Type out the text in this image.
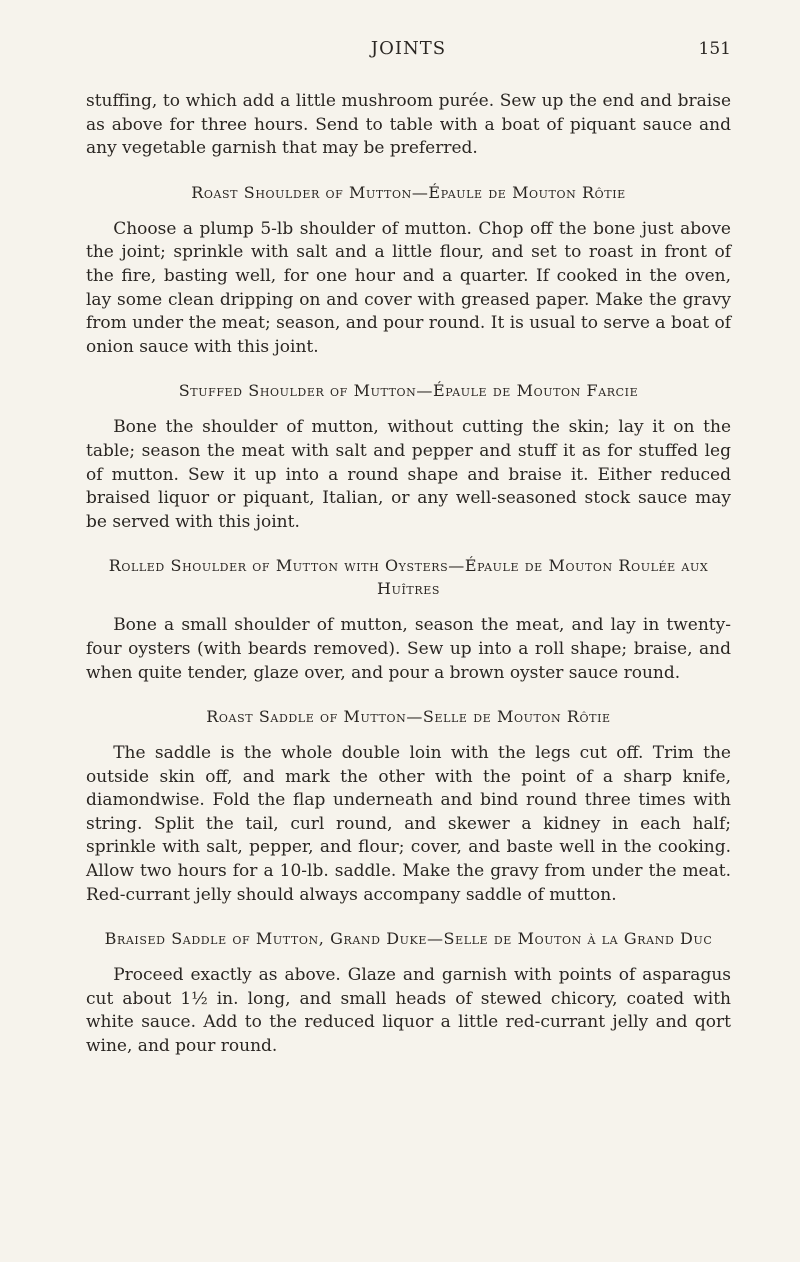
JOINTS	151

stuffing, to which add a little mushroom purée. Sew up the end and braise as above for three hours. Send to table with a boat of piquant sauce and any vegetable garnish that may be preferred.

Roast Shoulder of Mutton—Épaule de Mouton Rôtie

Choose a plump 5-lb shoulder of mutton. Chop off the bone just above the joint; sprinkle with salt and a little flour, and set to roast in front of the fire, basting well, for one hour and a quarter. If cooked in the oven, lay some clean dripping on and cover with greased paper. Make the gravy from under the meat; season, and pour round. It is usual to serve a boat of onion sauce with this joint.

Stuffed Shoulder of Mutton—Épaule de Mouton Farcie

Bone the shoulder of mutton, without cutting the skin; lay it on the table; season the meat with salt and pepper and stuff it as for stuffed leg of mutton. Sew it up into a round shape and braise it. Either reduced braised liquor or piquant, Italian, or any well-seasoned stock sauce may be served with this joint.

Rolled Shoulder of Mutton with Oysters—Épaule de Mouton Roulée aux Huîtres

Bone a small shoulder of mutton, season the meat, and lay in twenty-four oysters (with beards removed). Sew up into a roll shape; braise, and when quite tender, glaze over, and pour a brown oyster sauce round.

Roast Saddle of Mutton—Selle de Mouton Rôtie

The saddle is the whole double loin with the legs cut off. Trim the outside skin off, and mark the other with the point of a sharp knife, diamondwise. Fold the flap underneath and bind round three times with string. Split the tail, curl round, and skewer a kidney in each half; sprinkle with salt, pepper, and flour; cover, and baste well in the cooking. Allow two hours for a 10-lb. saddle. Make the gravy from under the meat. Red-currant jelly should always accompany saddle of mutton.

Braised Saddle of Mutton, Grand Duke—Selle de Mouton à la Grand Duc

Proceed exactly as above. Glaze and garnish with points of asparagus cut about 1½ in. long, and small heads of stewed chicory, coated with white sauce. Add to the reduced liquor a little red-currant jelly and qort wine, and pour round.
